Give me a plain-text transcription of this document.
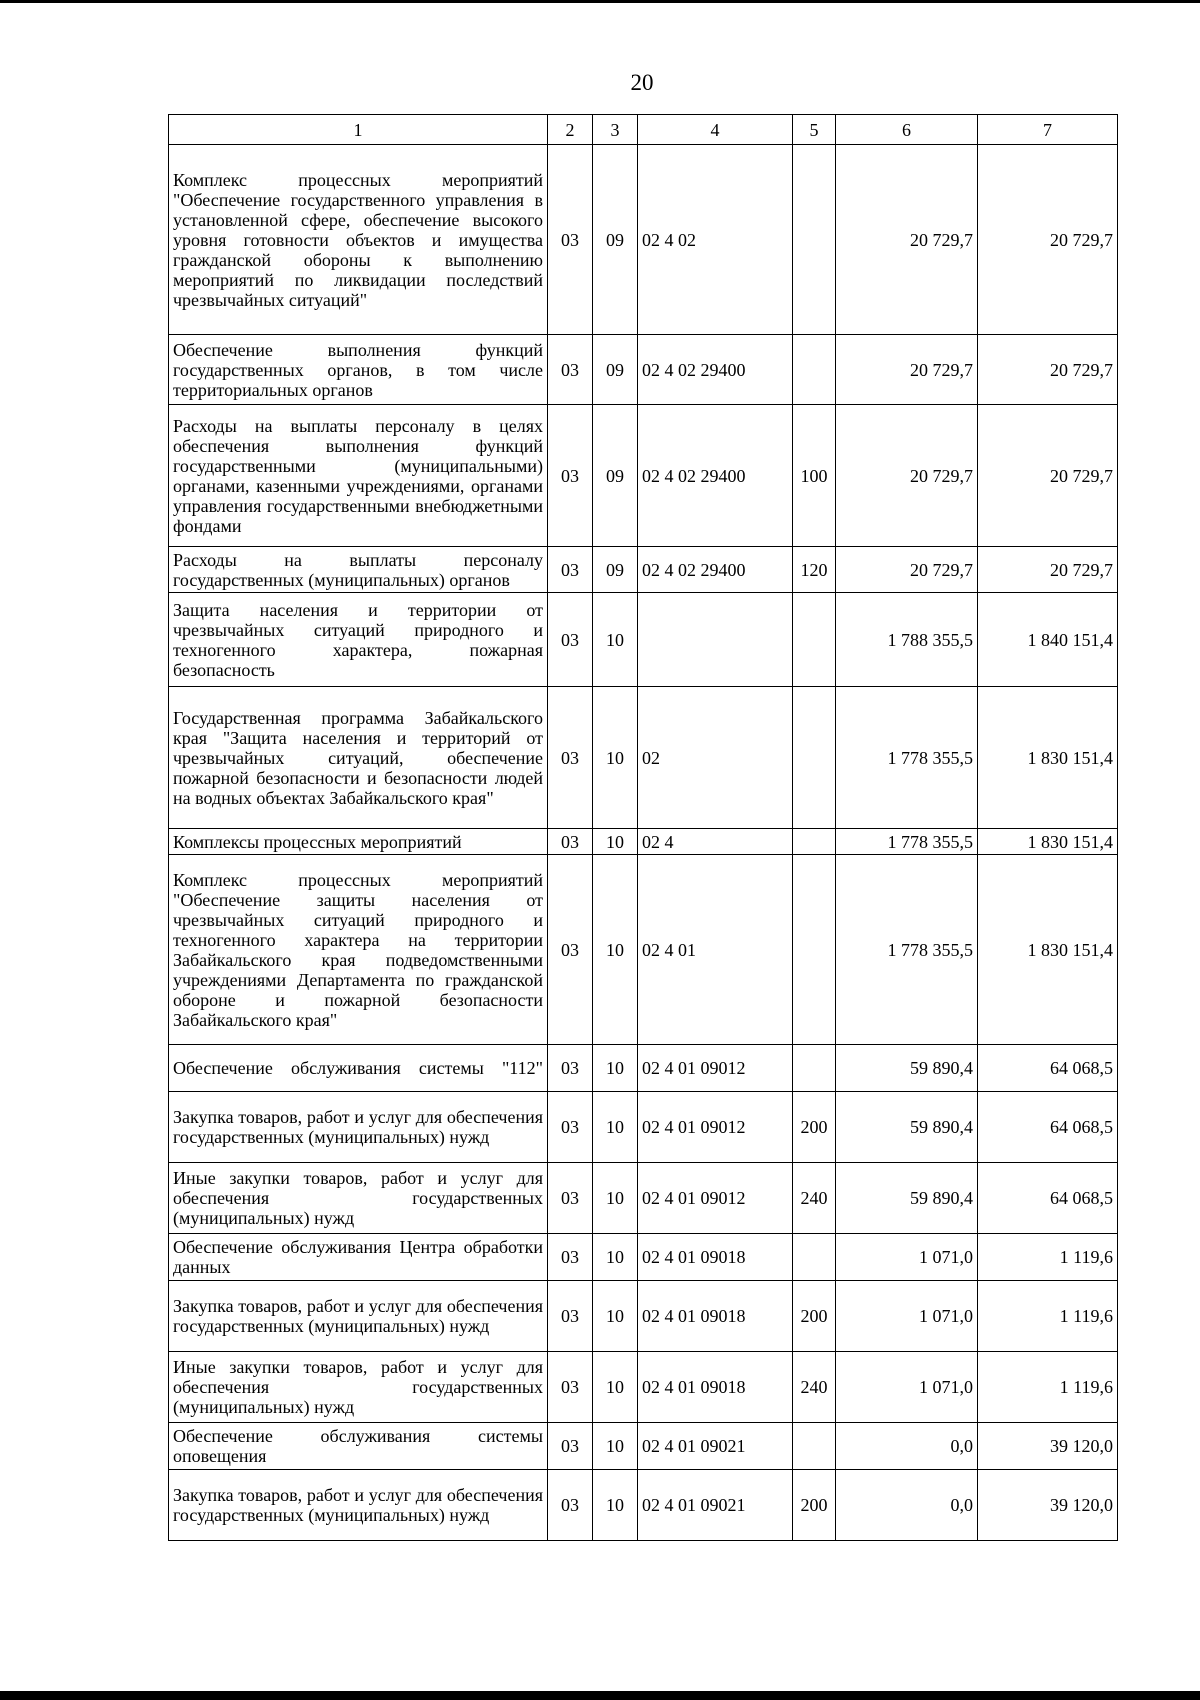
20
1	2	3	4	5	6	7
Комплекс процессных мероприятий "Обеспечение государственного управления в установленной сфере, обеспечение высокого уровня готовности объектов и имущества гражданской обороны к выполнению мероприятий по ликвидации последствий чрезвычайных ситуаций"	03	09	02 4 02		20 729,7	20 729,7
Обеспечение выполнения функций государственных органов, в том числе территориальных органов	03	09	02 4 02 29400		20 729,7	20 729,7
Расходы на выплаты персоналу в целях обеспечения выполнения функций государственными (муниципальными) органами, казенными учреждениями, органами управления государственными внебюджетными фондами	03	09	02 4 02 29400	100	20 729,7	20 729,7
Расходы на выплаты персоналу государственных (муниципальных) органов	03	09	02 4 02 29400	120	20 729,7	20 729,7
Защита населения и территории от чрезвычайных ситуаций природного и техногенного характера, пожарная безопасность	03	10			1 788 355,5	1 840 151,4
Государственная программа Забайкальского края "Защита населения и территорий от чрезвычайных ситуаций, обеспечение пожарной безопасности и безопасности людей на водных объектах Забайкальского края"	03	10	02		1 778 355,5	1 830 151,4
Комплексы процессных мероприятий	03	10	02 4		1 778 355,5	1 830 151,4
Комплекс процессных мероприятий "Обеспечение защиты населения от чрезвычайных ситуаций природного и техногенного характера на территории Забайкальского края подведомственными учреждениями Департамента по гражданской обороне и пожарной безопасности Забайкальского края"	03	10	02 4 01		1 778 355,5	1 830 151,4
Обеспечение обслуживания системы "112"	03	10	02 4 01 09012		59 890,4	64 068,5
Закупка товаров, работ и услуг для обеспечения государственных (муниципальных) нужд	03	10	02 4 01 09012	200	59 890,4	64 068,5
Иные закупки товаров, работ и услуг для обеспечения государственных (муниципальных) нужд	03	10	02 4 01 09012	240	59 890,4	64 068,5
Обеспечение обслуживания Центра обработки данных	03	10	02 4 01 09018		1 071,0	1 119,6
Закупка товаров, работ и услуг для обеспечения государственных (муниципальных) нужд	03	10	02 4 01 09018	200	1 071,0	1 119,6
Иные закупки товаров, работ и услуг для обеспечения государственных (муниципальных) нужд	03	10	02 4 01 09018	240	1 071,0	1 119,6
Обеспечение обслуживания системы оповещения	03	10	02 4 01 09021		0,0	39 120,0
Закупка товаров, работ и услуг для обеспечения государственных (муниципальных) нужд	03	10	02 4 01 09021	200	0,0	39 120,0
